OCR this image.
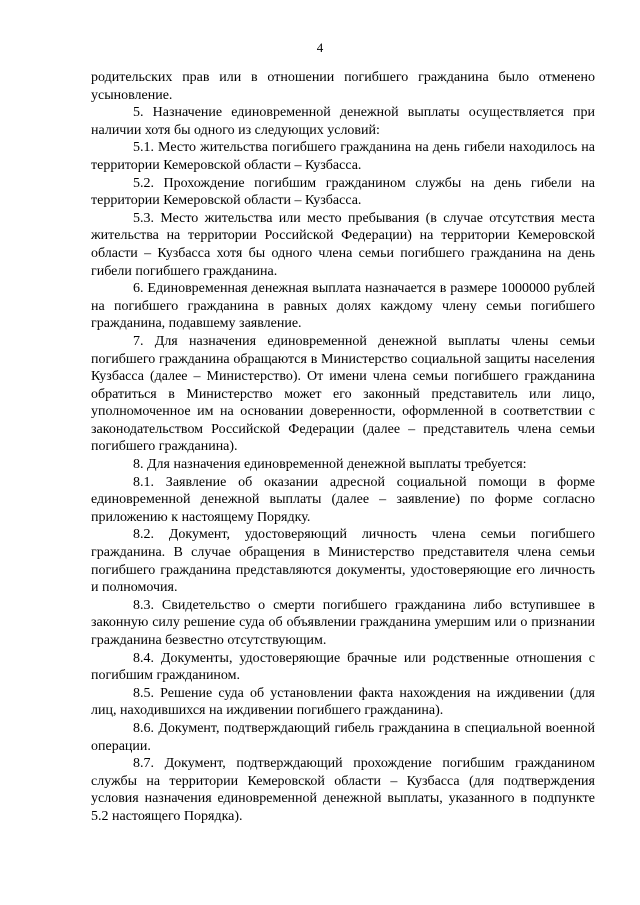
4

родительских прав или в отношении погибшего гражданина было отменено усыновление.

5. Назначение единовременной денежной выплаты осуществляется при наличии хотя бы одного из следующих условий:

5.1. Место жительства погибшего гражданина на день гибели находилось на территории Кемеровской области – Кузбасса.

5.2. Прохождение погибшим гражданином службы на день гибели на территории Кемеровской области – Кузбасса.

5.3. Место жительства или место пребывания (в случае отсутствия места жительства на территории Российской Федерации) на территории Кемеровской области – Кузбасса хотя бы одного члена семьи погибшего гражданина на день гибели погибшего гражданина.

6. Единовременная денежная выплата назначается в размере 1000000 рублей на погибшего гражданина в равных долях каждому члену семьи погибшего гражданина, подавшему заявление.

7. Для назначения единовременной денежной выплаты члены семьи погибшего гражданина обращаются в Министерство социальной защиты населения Кузбасса (далее – Министерство). От имени члена семьи погибшего гражданина обратиться в Министерство может его законный представитель или лицо, уполномоченное им на основании доверенности, оформленной в соответствии с законодательством Российской Федерации (далее – представитель члена семьи погибшего гражданина).

8. Для назначения единовременной денежной выплаты требуется:

8.1. Заявление об оказании адресной социальной помощи в форме единовременной денежной выплаты (далее – заявление) по форме согласно приложению к настоящему Порядку.

8.2. Документ, удостоверяющий личность члена семьи погибшего гражданина. В случае обращения в Министерство представителя члена семьи погибшего гражданина представляются документы, удостоверяющие его личность и полномочия.

8.3. Свидетельство о смерти погибшего гражданина либо вступившее в законную силу решение суда об объявлении гражданина умершим или о признании гражданина безвестно отсутствующим.

8.4. Документы, удостоверяющие брачные или родственные отношения с погибшим гражданином.

8.5. Решение суда об установлении факта нахождения на иждивении (для лиц, находившихся на иждивении погибшего гражданина).

8.6. Документ, подтверждающий гибель гражданина в специальной военной операции.

8.7. Документ, подтверждающий прохождение погибшим гражданином службы на территории Кемеровской области – Кузбасса (для подтверждения условия назначения единовременной денежной выплаты, указанного в подпункте 5.2 настоящего Порядка).
